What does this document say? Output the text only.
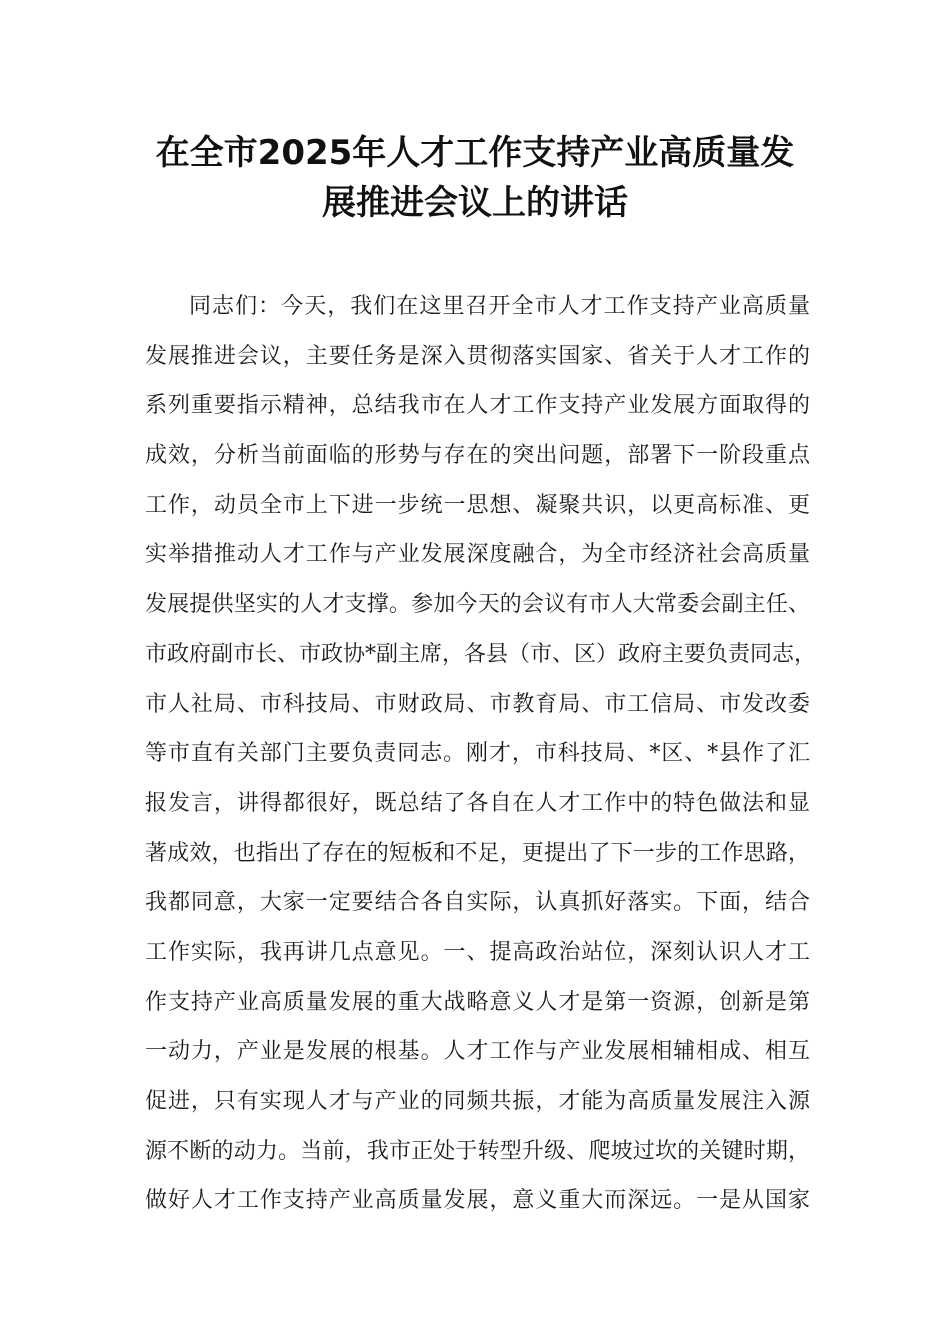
在全市2025年人才工作支持产业高质量发
展推进会议上的讲话
同志们：今天，我们在这里召开全市人才工作支持产业高质量
发展推进会议，主要任务是深入贯彻落实国家、省关于人才工作的
系列重要指示精神，总结我市在人才工作支持产业发展方面取得的
成效，分析当前面临的形势与存在的突出问题，部署下一阶段重点
工作，动员全市上下进一步统一思想、凝聚共识，以更高标准、更
实举措推动人才工作与产业发展深度融合，为全市经济社会高质量
发展提供坚实的人才支撑。参加今天的会议有市人大常委会副主任、
市政府副市长、市政协*副主席，各县（市、区）政府主要负责同志，
市人社局、市科技局、市财政局、市教育局、市工信局、市发改委
等市直有关部门主要负责同志。刚才，市科技局、*区、*县作了汇
报发言，讲得都很好，既总结了各自在人才工作中的特色做法和显
著成效，也指出了存在的短板和不足，更提出了下一步的工作思路，
我都同意，大家一定要结合各自实际，认真抓好落实。下面，结合
工作实际，我再讲几点意见。一、提高政治站位，深刻认识人才工
作支持产业高质量发展的重大战略意义人才是第一资源，创新是第
一动力，产业是发展的根基。人才工作与产业发展相辅相成、相互
促进，只有实现人才与产业的同频共振，才能为高质量发展注入源
源不断的动力。当前，我市正处于转型升级、爬坡过坎的关键时期，
做好人才工作支持产业高质量发展，意义重大而深远。一是从国家
